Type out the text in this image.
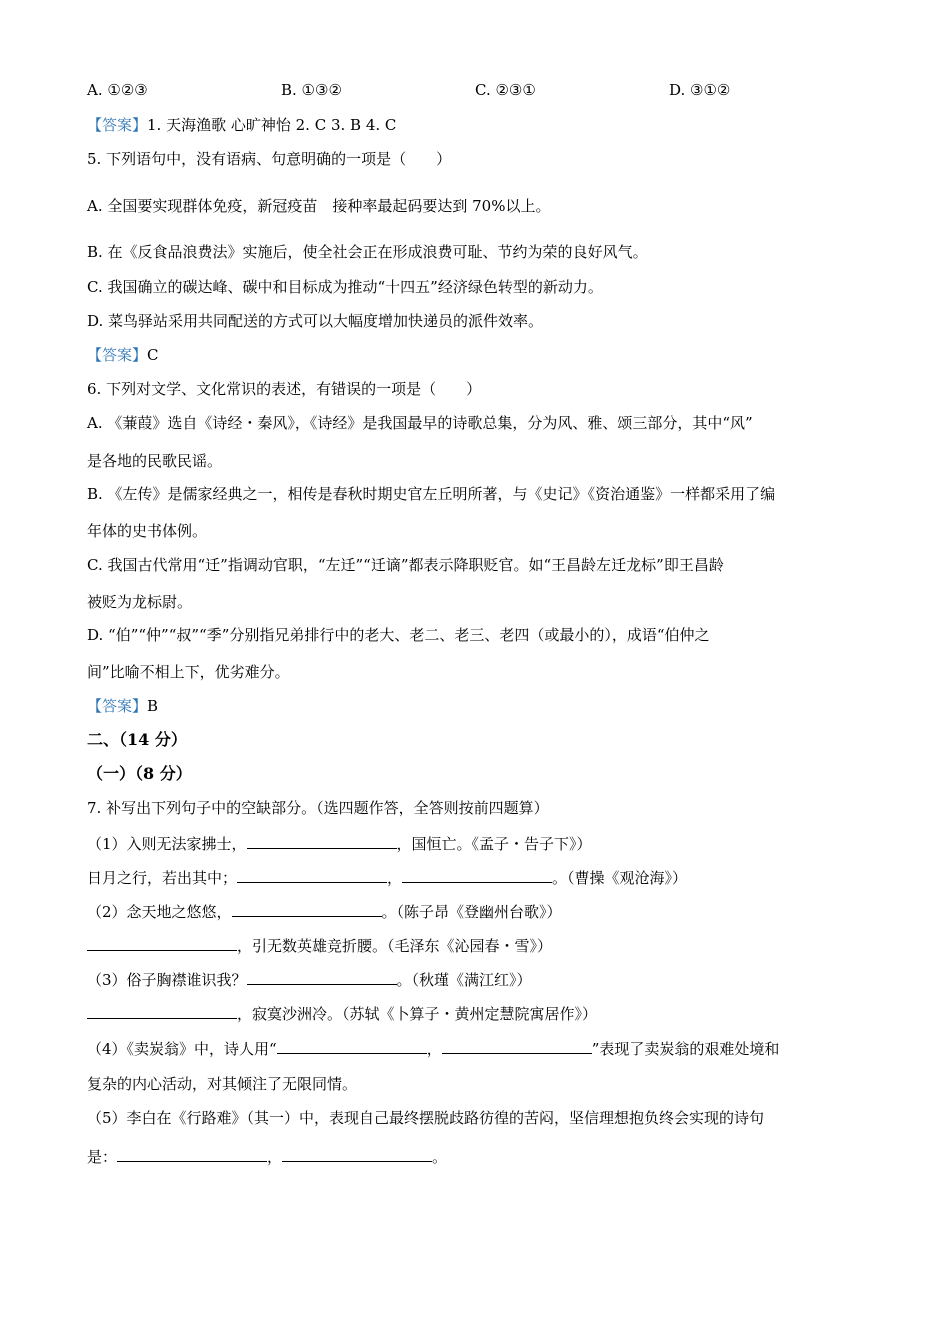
A. ①②③	B. ①③②	C. ②③①	D. ③①②
【答案】1. 天海渔歌 心旷神怡 2. C 3. B 4. C
5. 下列语句中，没有语病、句意明确的一项是（　　）
A. 全国要实现群体免疫，新冠疫苗　接种率最起码要达到 70%以上。
B. 在《反食品浪费法》实施后，使全社会正在形成浪费可耻、节约为荣的良好风气。
C. 我国确立的碳达峰、碳中和目标成为推动“十四五”经济绿色转型的新动力。
D. 菜鸟驿站采用共同配送的方式可以大幅度增加快递员的派件效率。
【答案】C
6. 下列对文学、文化常识的表述，有错误的一项是（　　）
A. 《蒹葭》选自《诗经・秦风》，《诗经》是我国最早的诗歌总集，分为风、雅、颂三部分，其中“风”
是各地的民歌民谣。
B. 《左传》是儒家经典之一，相传是春秋时期史官左丘明所著，与《史记》《资治通鉴》一样都采用了编
年体的史书体例。
C. 我国古代常用“迁”指调动官职，“左迁”“迁谪”都表示降职贬官。如“王昌龄左迁龙标”即王昌龄
被贬为龙标尉。
D. “伯”“仲”“叔”“季”分别指兄弟排行中的老大、老二、老三、老四（或最小的），成语“伯仲之
间”比喻不相上下，优劣难分。
【答案】B
二、（14 分）
（一）（8 分）
7. 补写出下列句子中的空缺部分。（选四题作答，全答则按前四题算）
（1）入则无法家拂士，	，国恒亡。《孟子・告子下》）
日月之行，若出其中；	，	。（曹操《观沧海》）
（2）念天地之悠悠，	。（陈子昂《登幽州台歌》）
，引无数英雄竞折腰。（毛泽东《沁园春・雪》）
（3）俗子胸襟谁识我？	。（秋瑾《满江红》）
，寂寞沙洲冷。（苏轼《卜算子・黄州定慧院寓居作》）
（4）《卖炭翁》中，诗人用“	，	”表现了卖炭翁的艰难处境和
复杂的内心活动，对其倾注了无限同情。
（5）李白在《行路难》（其一）中，表现自己最终摆脱歧路彷徨的苦闷，坚信理想抱负终会实现的诗句
是：	，	。
